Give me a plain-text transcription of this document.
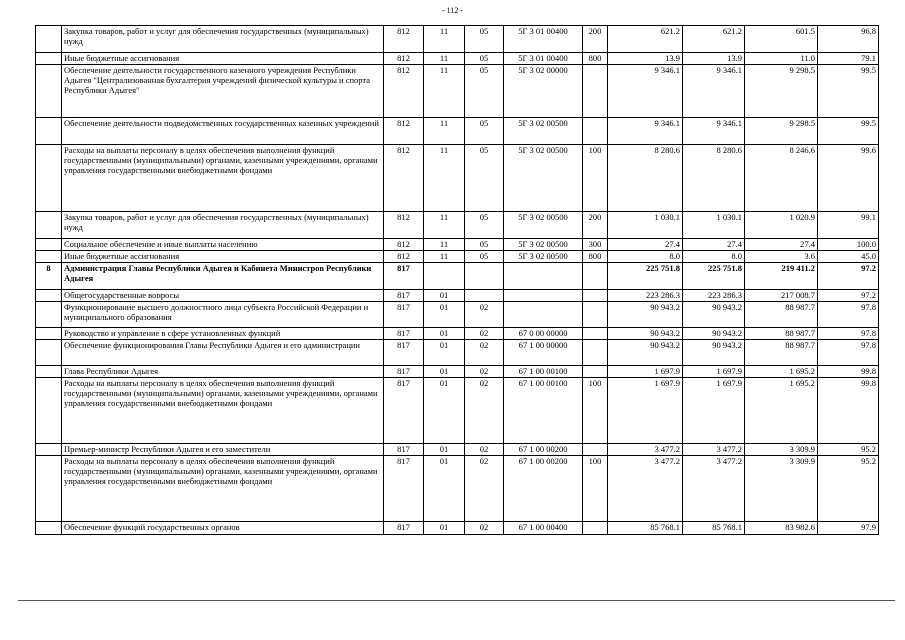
- 112 -
	Закупка товаров, работ и услуг для обеспечения государственных (муниципальных) нужд	812	11	05	5Г 3 01 00400	200	621.2	621.2	601.5	96.8
	Иные бюджетные ассигнования	812	11	05	5Г 3 01 00400	800	13.9	13.9	11.0	79.1
	Обеспечение деятельности государственного казенного учреждения Республики Адыгея "Централизованная бухгалтерия учреждений физической культуры и спорта Республики Адыгея"	812	11	05	5Г 3 02 00000		9 346.1	9 346.1	9 298.5	99.5
	Обеспечение деятельности подведомственных государственных казенных учреждений	812	11	05	5Г 3 02 00500		9 346.1	9 346.1	9 298.5	99.5
	Расходы на выплаты персоналу в целях обеспечения выполнения функций государственными (муниципальными) органами, казенными учреждениями, органами управления государственными внебюджетными фондами	812	11	05	5Г 3 02 00500	100	8 280.6	8 280.6	8 246.6	99.6
	Закупка товаров, работ и услуг для обеспечения государственных (муниципальных) нужд	812	11	05	5Г 3 02 00500	200	1 030.1	1 030.1	1 020.9	99.1
	Социальное обеспечение и иные выплаты населению	812	11	05	5Г 3 02 00500	300	27.4	27.4	27.4	100.0
	Иные бюджетные ассигнования	812	11	05	5Г 3 02 00500	800	8.0	8.0	3.6	45.0
8	Администрация Главы Республики Адыгея и Кабинета Министров Республики Адыгея	817					225 751.8	225 751.8	219 411.2	97.2
	Общегосударственные вопросы	817	01				223 286.3	223 286.3	217 008.7	97.2
	Функционирование высшего должностного лица субъекта Российской Федерации и муниципального образования	817	01	02			90 943.2	90 943.2	88 987.7	97.8
	Руководство и управление в сфере установленных функций	817	01	02	67 0 00 00000		90 943.2	90 943.2	88 987.7	97.8
	Обеспечение функционирования Главы Республики Адыгея и его администрации	817	01	02	67 1 00 00000		90 943.2	90 943.2	88 987.7	97.8
	Глава Республики Адыгея	817	01	02	67 1 00 00100		1 697.9	1 697.9	1 695.2	99.8
	Расходы на выплаты персоналу в целях обеспечения выполнения функций государственными (муниципальными) органами, казенными учреждениями, органами управления государственными внебюджетными фондами	817	01	02	67 1 00 00100	100	1 697.9	1 697.9	1 695.2	99.8
	Премьер-министр Республики Адыгея и его заместители	817	01	02	67 1 00 00200		3 477.2	3 477.2	3 309.9	95.2
	Расходы на выплаты персоналу в целях обеспечения выполнения функций государственными (муниципальными) органами, казенными учреждениями, органами управления государственными внебюджетными фондами	817	01	02	67 1 00 00200	100	3 477.2	3 477.2	3 309.9	95.2
	Обеспечение функций государственных органов	817	01	02	67 1 00 00400		85 768.1	85 768.1	83 982.6	97.9
